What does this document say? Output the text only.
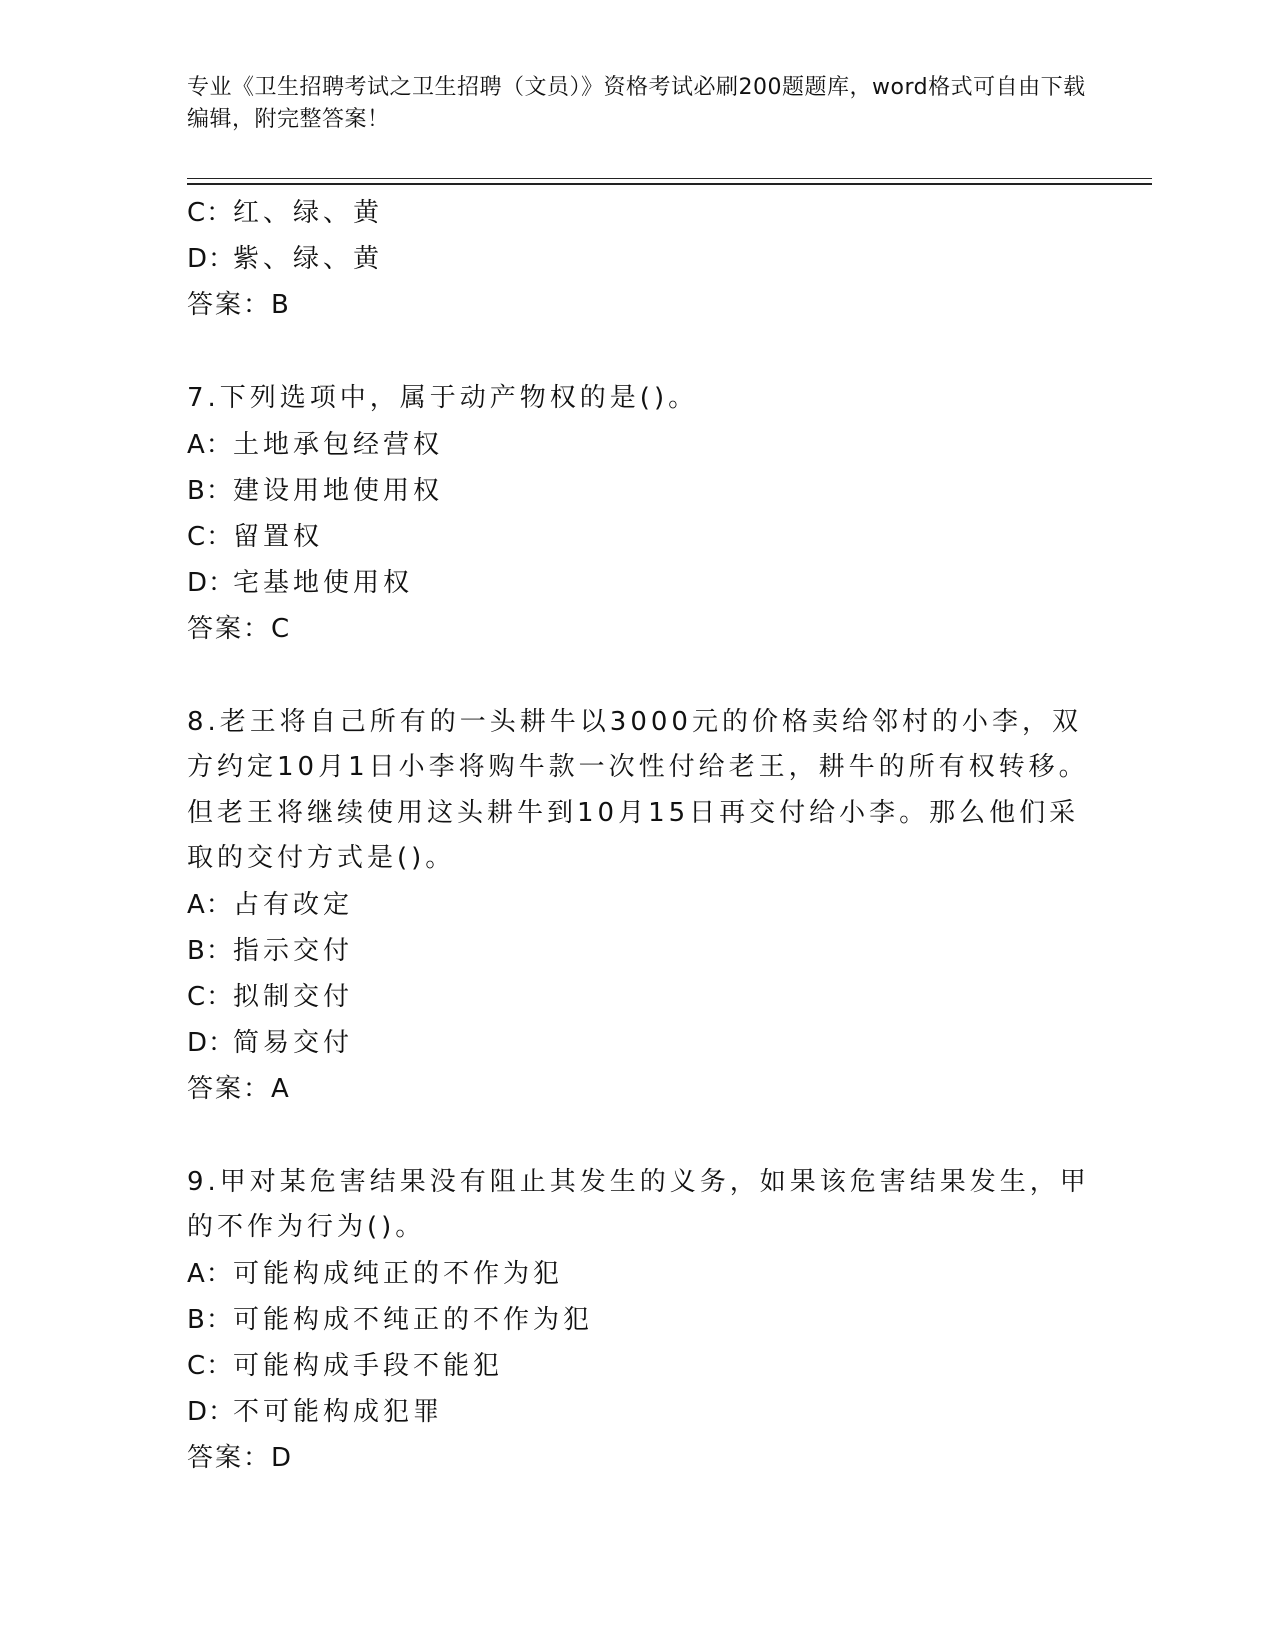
专业《卫生招聘考试之卫生招聘（文员）》资格考试必刷200题题库，word格式可自由下载编辑，附完整答案！
C： 红、绿、黄
D：
紫、绿、黄
答案：B
7.下列选项中，属于动产物权的是()。
A： 土地承包经营权
B： 建设用地使用权
C： 留置权
D：
宅基地使用权
答案：C
8.老王将自己所有的一头耕牛以3000元的价格卖给邻村的小李，双方约定10月1日小李将购牛款一次性付给老王，耕牛的所有权转移。但老王将继续使用这头耕牛到10月15日再交付给小李。那么他们采取的交付方式是()。
A： 占有改定
B： 指示交付
C： 拟制交付
D：
简易交付
答案：A
9.甲对某危害结果没有阻止其发生的义务，如果该危害结果发生，甲的不作为行为()。
A： 可能构成纯正的不作为犯
B： 可能构成不纯正的不作为犯
C： 可能构成手段不能犯
D：
不可能构成犯罪
答案：D
